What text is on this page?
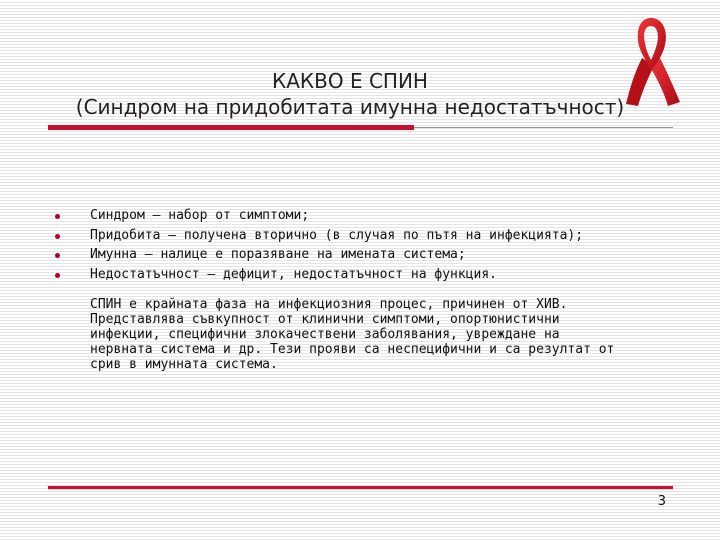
КАКВО Е СПИН
(Синдром на придобитата имунна недостатъчност)
Синдром – набор от симптоми;
Придобита – получена вторично (в случая по пътя на инфекцията);
Имунна – налице е поразяване на имената система;
Недостатъчност – дефицит, недостатъчност на функция.
СПИН е крайната фаза на инфекциозния процес, причинен от ХИВ.
Представлява съвкупност от клинични симптоми, опортюнистични
инфекции, специфични злокачествени заболявания, увреждане на
нервната система и др. Тези прояви са неспецифични и са резултат от
срив в имунната система.
3
